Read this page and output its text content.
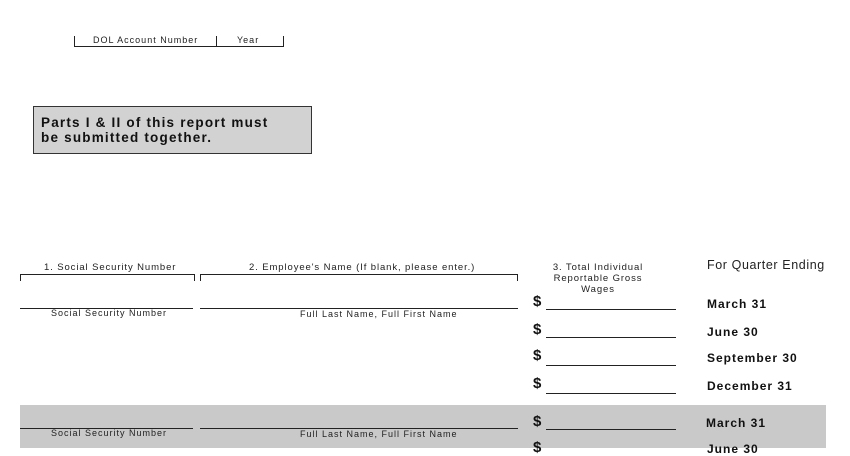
DOL Account Number	Year
Parts I & II of this report must
be submitted together.
1. Social Security Number	2. Employee's Name (If blank, please enter.)	3. Total Individual
Reportable Gross Wages
For Quarter Ending
Social Security Number	Full Last Name, Full First Name
$	March 31
$	June 30
$	September 30
$	December 31
Social Security Number	Full Last Name, Full First Name
$	March 31
$	June 30
